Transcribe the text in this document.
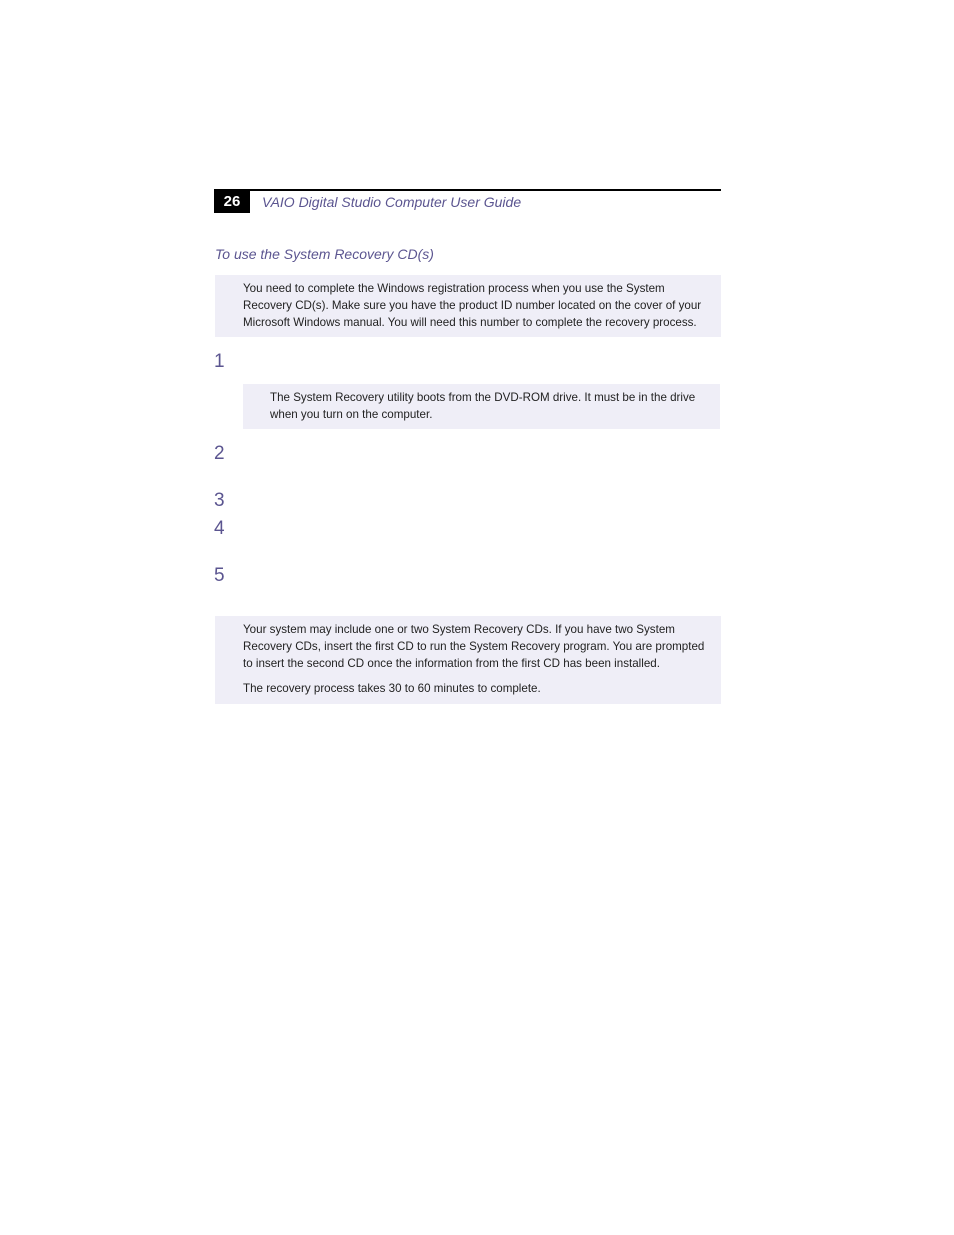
26	VAIO Digital Studio Computer User Guide
To use the System Recovery CD(s)

You need to complete the Windows registration process when you use the System Recovery CD(s). Make sure you have the product ID number located on the cover of your Microsoft Windows manual. You will need this number to complete the recovery process.

1

The System Recovery utility boots from the DVD-ROM drive. It must be in the drive when you turn on the computer.

2
3
4
5

Your system may include one or two System Recovery CDs. If you have two System Recovery CDs, insert the first CD to run the System Recovery program. You are prompted to insert the second CD once the information from the first CD has been installed.

The recovery process takes 30 to 60 minutes to complete.
